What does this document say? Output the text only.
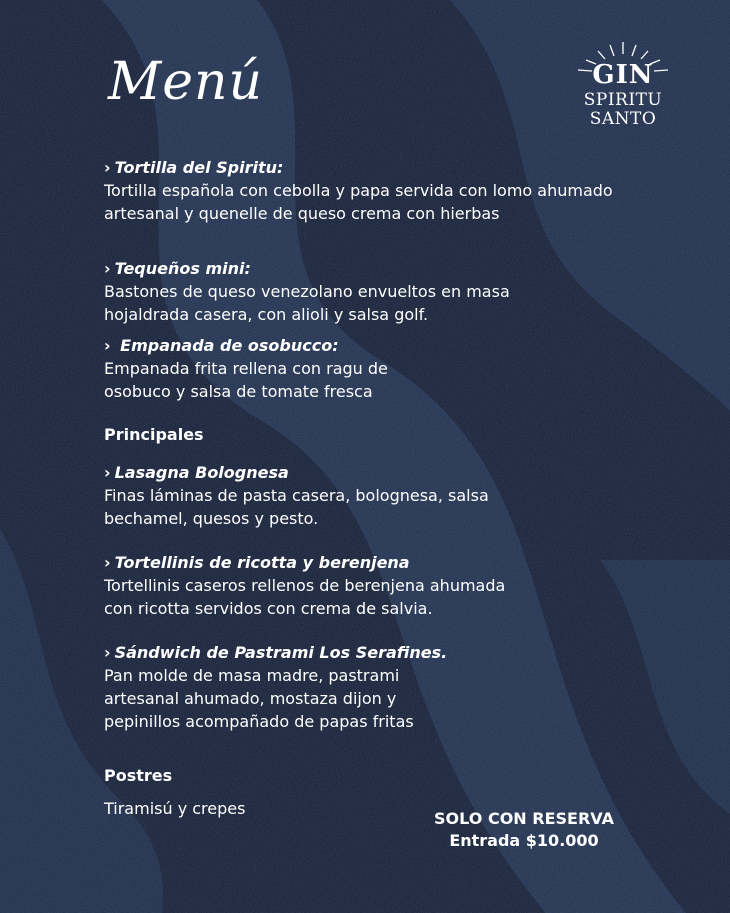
Menú	GIN
SPIRITU
SANTO

› Tortilla del Spiritu:

Tortilla española con cebolla y papa servida con lomo ahumado artesanal y quenelle de queso crema con hierbas

› Tequeños mini:

Bastones de queso venezolano envueltos en masa hojaldrada casera, con alioli y salsa golf.

› Empanada de osobucco:

Empanada frita rellena con ragu de osobuco y salsa de tomate fresca

Principales

› Lasagna Bolognesa

Finas láminas de pasta casera, bolognesa, salsa bechamel, quesos y pesto.

› Tortellinis de ricotta y berenjena

Tortellinis caseros rellenos de berenjena ahumada con ricotta servidos con crema de salvia.

› Sándwich de Pastrami Los Serafines.

Pan molde de masa madre, pastrami artesanal ahumado, mostaza dijon y pepinillos acompañado de papas fritas

Postres
Tiramisú y crepes
SOLO CON RESERVA
Entrada $10.000
